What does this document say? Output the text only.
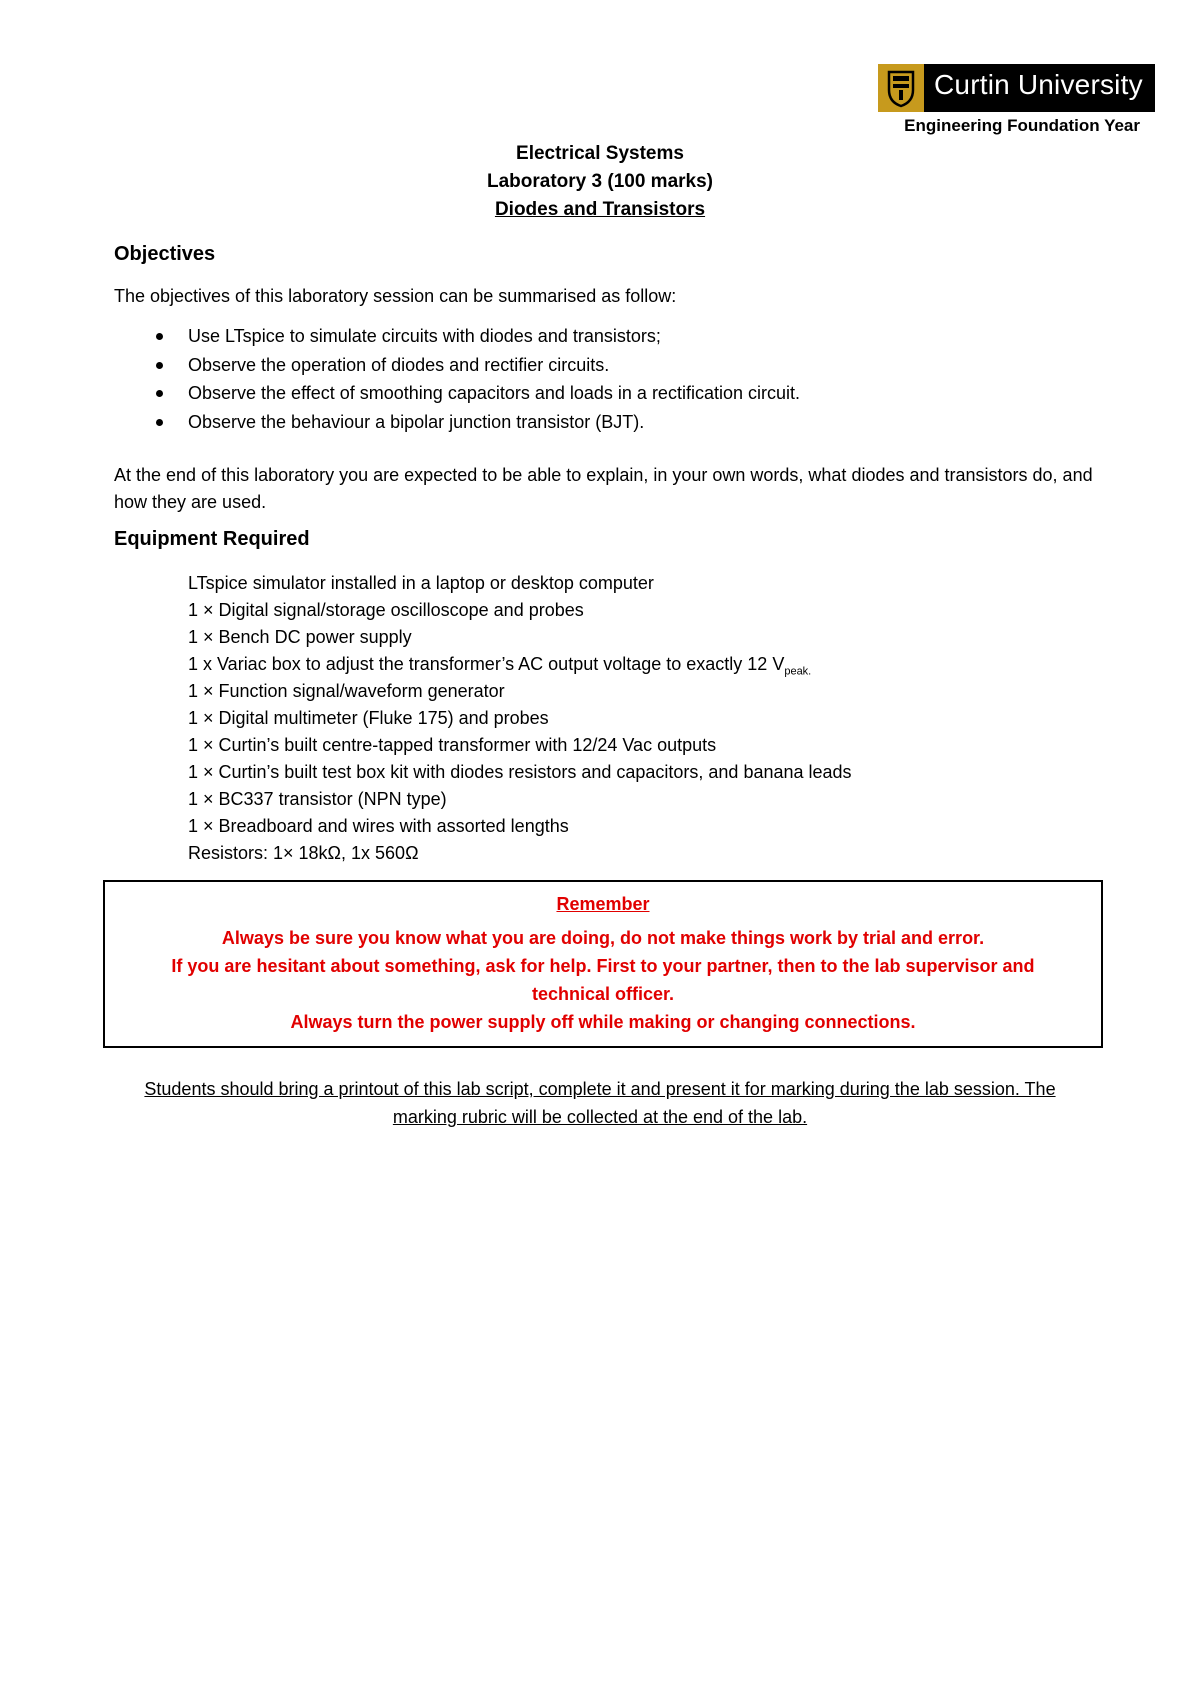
Curtin University
Engineering Foundation Year
Electrical Systems
Laboratory 3 (100 marks)
Diodes and Transistors
Objectives
The objectives of this laboratory session can be summarised as follow:
Use LTspice to simulate circuits with diodes and transistors;
Observe the operation of diodes and rectifier circuits.
Observe the effect of smoothing capacitors and loads in a rectification circuit.
Observe the behaviour a bipolar junction transistor (BJT).
At the end of this laboratory you are expected to be able to explain, in your own words, what diodes and transistors do, and how they are used.
Equipment Required
LTspice simulator installed in a laptop or desktop computer
1 × Digital signal/storage oscilloscope and probes
1 × Bench DC power supply
1 x Variac box to adjust the transformer’s AC output voltage to exactly 12 $V_{peak.}$
1 × Function signal/waveform generator
1 × Digital multimeter (Fluke 175) and probes
1 × Curtin’s built centre-tapped transformer with 12/24 Vac outputs
1 × Curtin’s built test box kit with diodes resistors and capacitors, and banana leads
1 × BC337 transistor (NPN type)
1 × Breadboard and wires with assorted lengths
Resistors: 1× 18kΩ, 1x 560Ω
Remember
Always be sure you know what you are doing, do not make things work by trial and error.
If you are hesitant about something, ask for help. First to your partner, then to the lab supervisor and technical officer.
Always turn the power supply off while making or changing connections.
Students should bring a printout of this lab script, complete it and present it for marking during the lab session. The marking rubric will be collected at the end of the lab.
